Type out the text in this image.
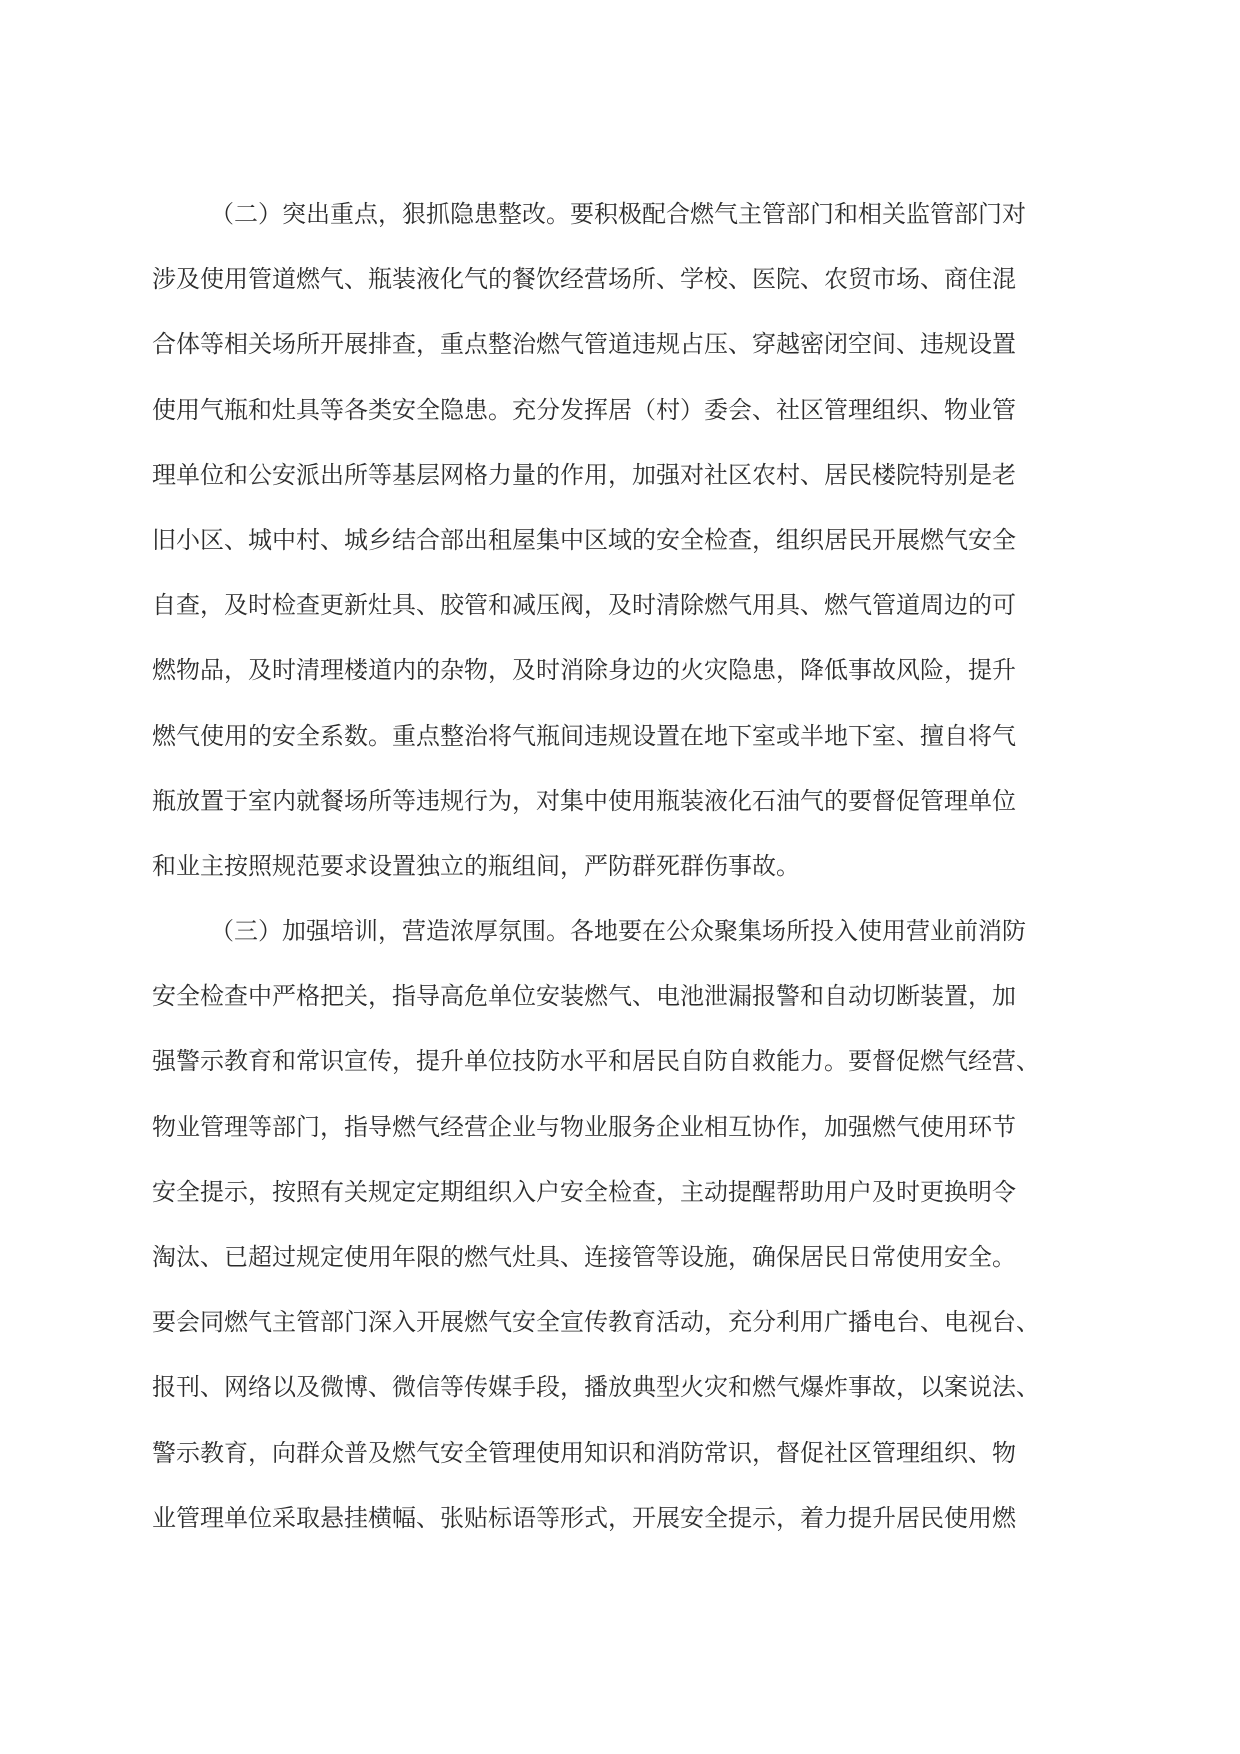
（二）突出重点，狠抓隐患整改。要积极配合燃气主管部门和相关监管部门对
涉及使用管道燃气、瓶装液化气的餐饮经营场所、学校、医院、农贸市场、商住混
合体等相关场所开展排查，重点整治燃气管道违规占压、穿越密闭空间、违规设置
使用气瓶和灶具等各类安全隐患。充分发挥居（村）委会、社区管理组织、物业管
理单位和公安派出所等基层网格力量的作用，加强对社区农村、居民楼院特别是老
旧小区、城中村、城乡结合部出租屋集中区域的安全检查，组织居民开展燃气安全
自查，及时检查更新灶具、胶管和减压阀，及时清除燃气用具、燃气管道周边的可
燃物品，及时清理楼道内的杂物，及时消除身边的火灾隐患，降低事故风险，提升
燃气使用的安全系数。重点整治将气瓶间违规设置在地下室或半地下室、擅自将气
瓶放置于室内就餐场所等违规行为，对集中使用瓶装液化石油气的要督促管理单位
和业主按照规范要求设置独立的瓶组间，严防群死群伤事故。
（三）加强培训，营造浓厚氛围。各地要在公众聚集场所投入使用营业前消防
安全检查中严格把关，指导高危单位安装燃气、电池泄漏报警和自动切断装置，加
强警示教育和常识宣传，提升单位技防水平和居民自防自救能力。要督促燃气经营、
物业管理等部门，指导燃气经营企业与物业服务企业相互协作，加强燃气使用环节
安全提示，按照有关规定定期组织入户安全检查，主动提醒帮助用户及时更换明令
淘汰、已超过规定使用年限的燃气灶具、连接管等设施，确保居民日常使用安全。
要会同燃气主管部门深入开展燃气安全宣传教育活动，充分利用广播电台、电视台、
报刊、网络以及微博、微信等传媒手段，播放典型火灾和燃气爆炸事故，以案说法、
警示教育，向群众普及燃气安全管理使用知识和消防常识，督促社区管理组织、物
业管理单位采取悬挂横幅、张贴标语等形式，开展安全提示，着力提升居民使用燃
